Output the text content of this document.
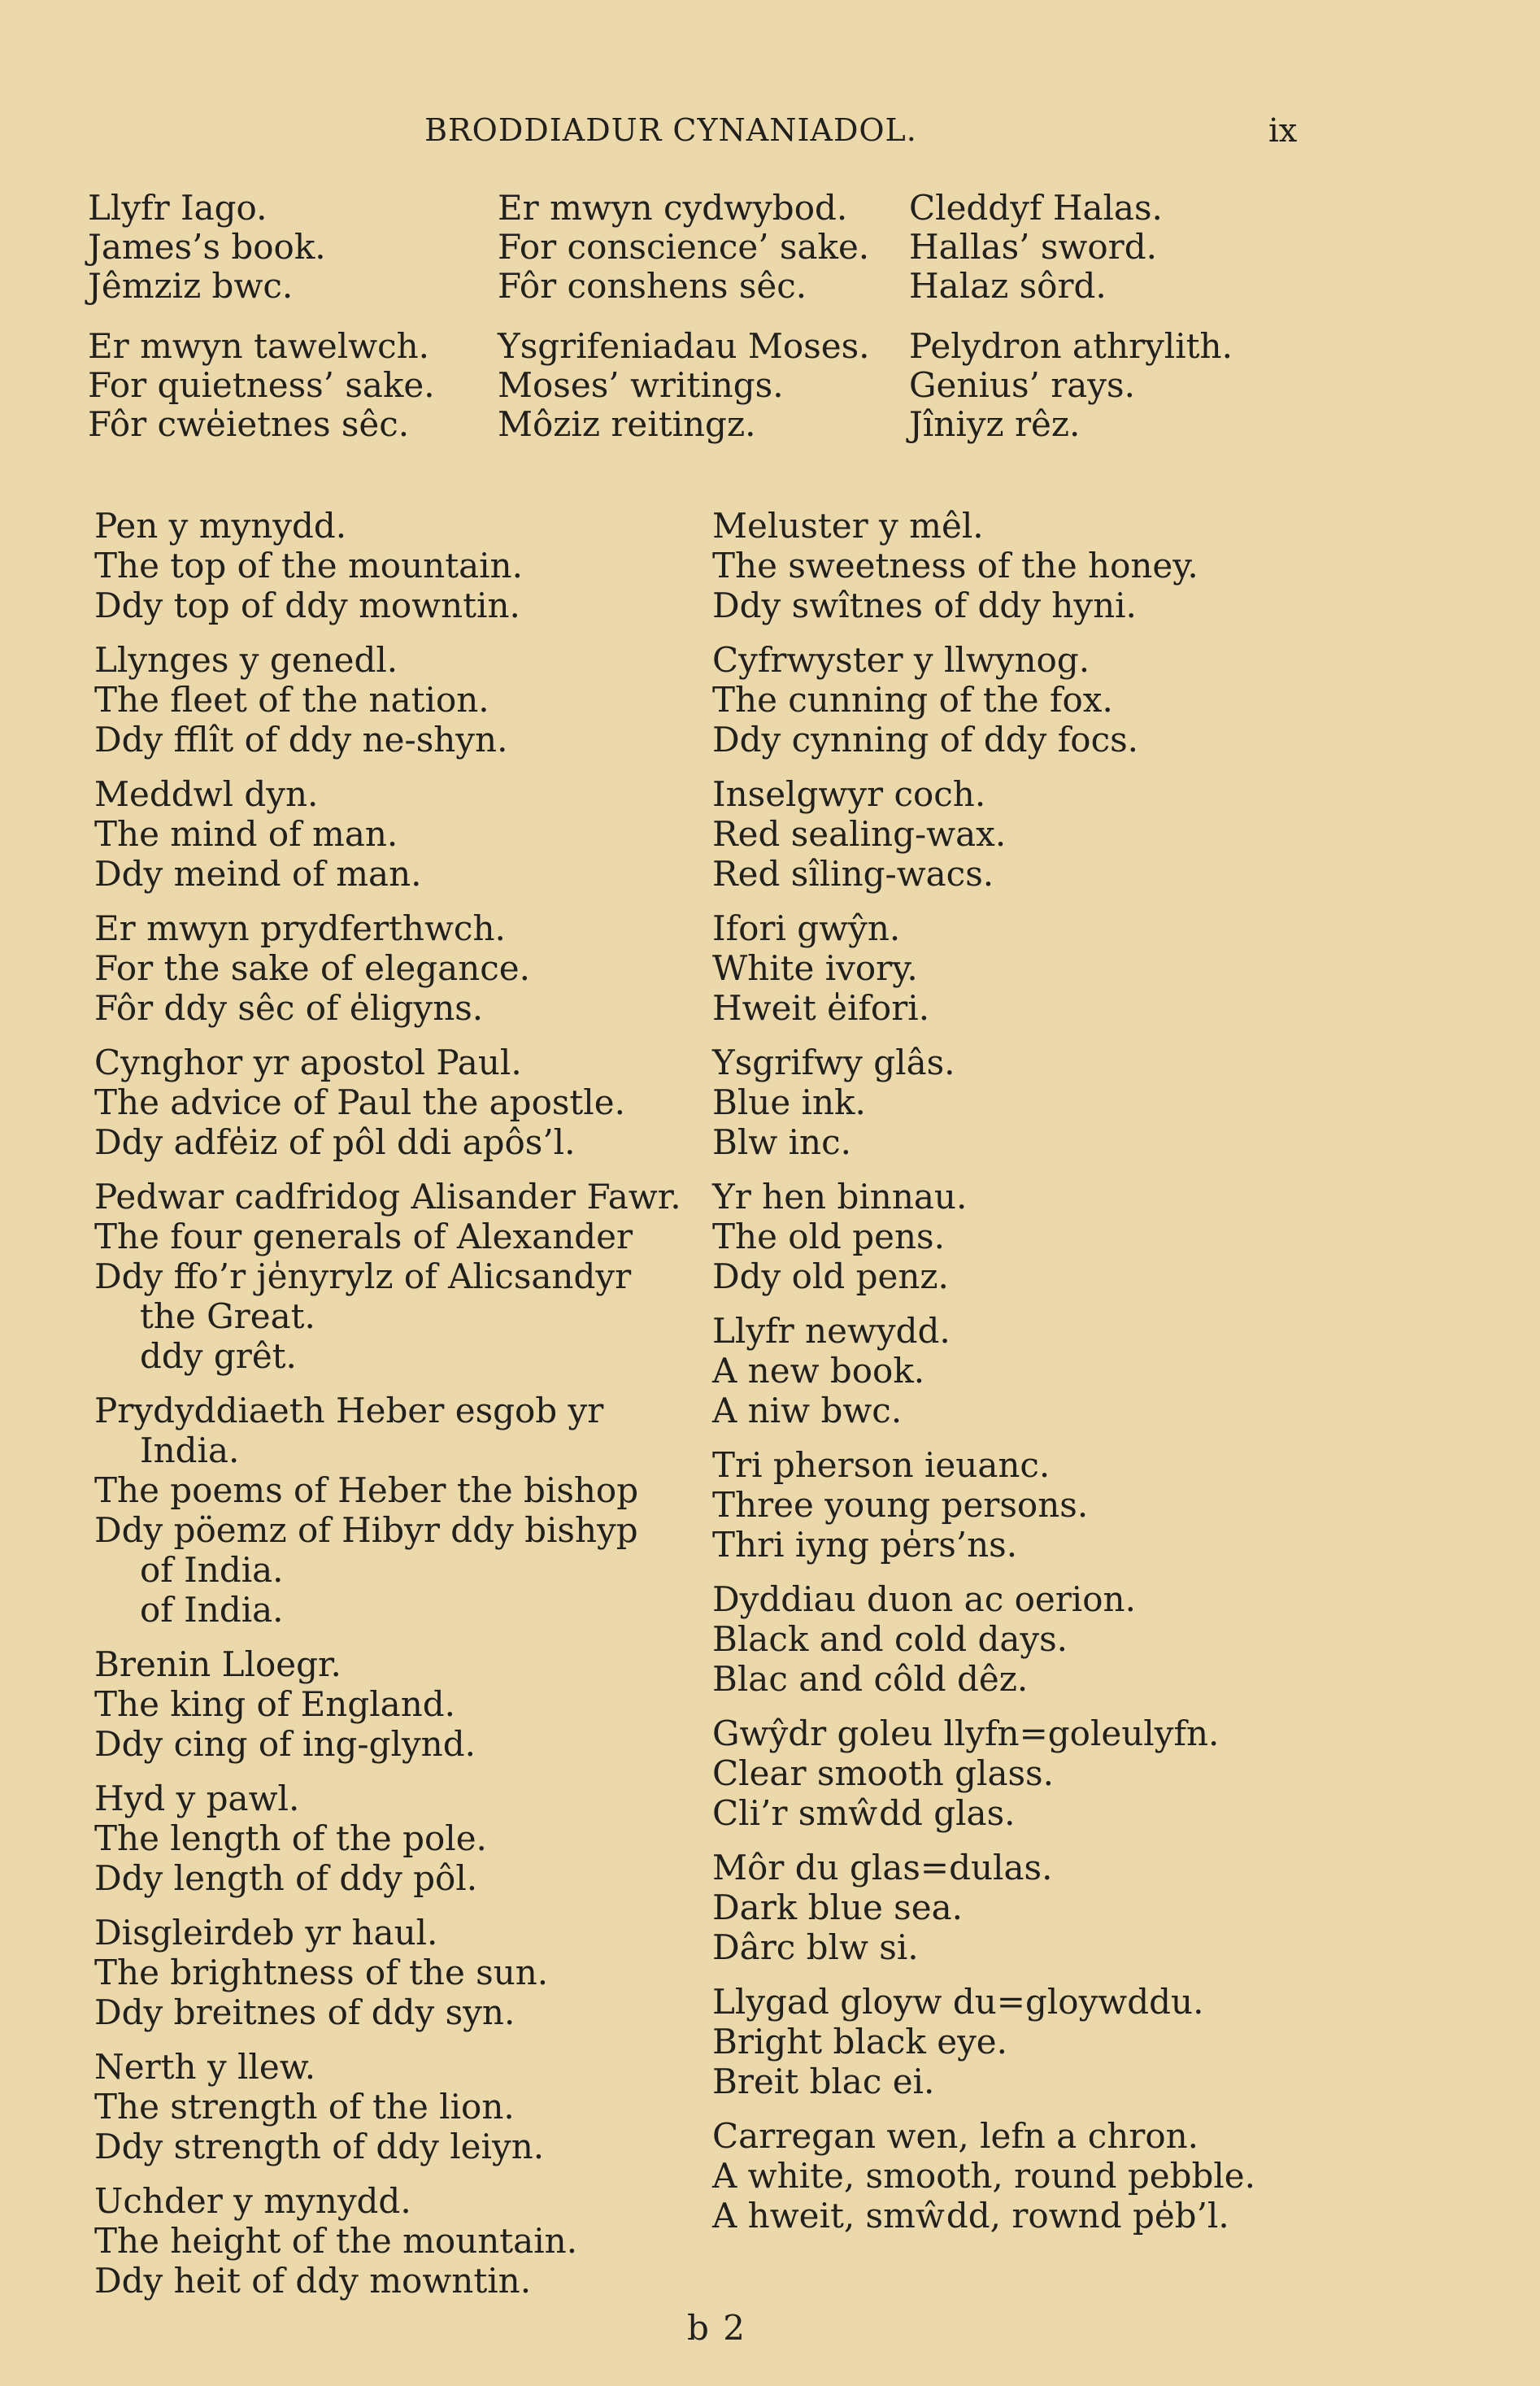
BRODDIADUR CYNANIADOL.	ix
Llyfr Iago.
James’s book.
Jêmziz bwc.
Er mwyn tawelwch.
For quietness’ sake.
Fôr cwe̍ietnes sêc.
Er mwyn cydwybod.
For conscience’ sake.
Fôr conshens sêc.
Ysgrifeniadau Moses.
Moses’ writings.
Môziz reitingz.
Cleddyf Halas.
Hallas’ sword.
Halaz sôrd.
Pelydron athrylith.
Genius’ rays.
Jîniyz rêz.
Pen y mynydd.
The top of the mountain.
Ddy top of ddy mowntin.
Llynges y genedl.
The fleet of the nation.
Ddy fflît of ddy ne-shyn.
Meddwl dyn.
The mind of man.
Ddy meind of man.
Er mwyn prydferthwch.
For the sake of elegance.
Fôr ddy sêc of e̍ligyns.
Cynghor yr apostol Paul.
The advice of Paul the apostle.
Ddy adfe̍iz of pôl ddi apôs’l.
Pedwar cadfridog Alisander Fawr.
The four generals of Alexander
Ddy ffo’r je̍nyrylz of Alicsandyr
the Great.
ddy grêt.
Prydyddiaeth Heber esgob yr
India.
The poems of Heber the bishop
Ddy pöemz of Hibyr ddy bishyp
of India.
of India.
Brenin Lloegr.
The king of England.
Ddy cing of ing-glynd.
Hyd y pawl.
The length of the pole.
Ddy length of ddy pôl.
Disgleirdeb yr haul.
The brightness of the sun.
Ddy breitnes of ddy syn.
Nerth y llew.
The strength of the lion.
Ddy strength of ddy leiyn.
Uchder y mynydd.
The height of the mountain.
Ddy heit of ddy mowntin.
Meluster y mêl.
The sweetness of the honey.
Ddy swîtnes of ddy hyni.
Cyfrwyster y llwynog.
The cunning of the fox.
Ddy cynning of ddy focs.
Inselgwyr coch.
Red sealing-wax.
Red sîling-wacs.
Ifori gwŷn.
White ivory.
Hweit e̍ifori.
Ysgrifwy glâs.
Blue ink.
Blw inc.
Yr hen binnau.
The old pens.
Ddy old penz.
Llyfr newydd.
A new book.
A niw bwc.
Tri pherson ieuanc.
Three young persons.
Thri iyng pe̍rs’ns.
Dyddiau duon ac oerion.
Black and cold days.
Blac and côld dêz.
Gwŷdr goleu llyfn=goleulyfn.
Clear smooth glass.
Cli’r smŵdd glas.
Môr du glas=dulas.
Dark blue sea.
Dârc blw si.
Llygad gloyw du=gloywddu.
Bright black eye.
Breit blac ei.
Carregan wen, lefn a chron.
A white, smooth, round pebble.
A hweit, smŵdd, rownd pe̍b’l.
b 2
